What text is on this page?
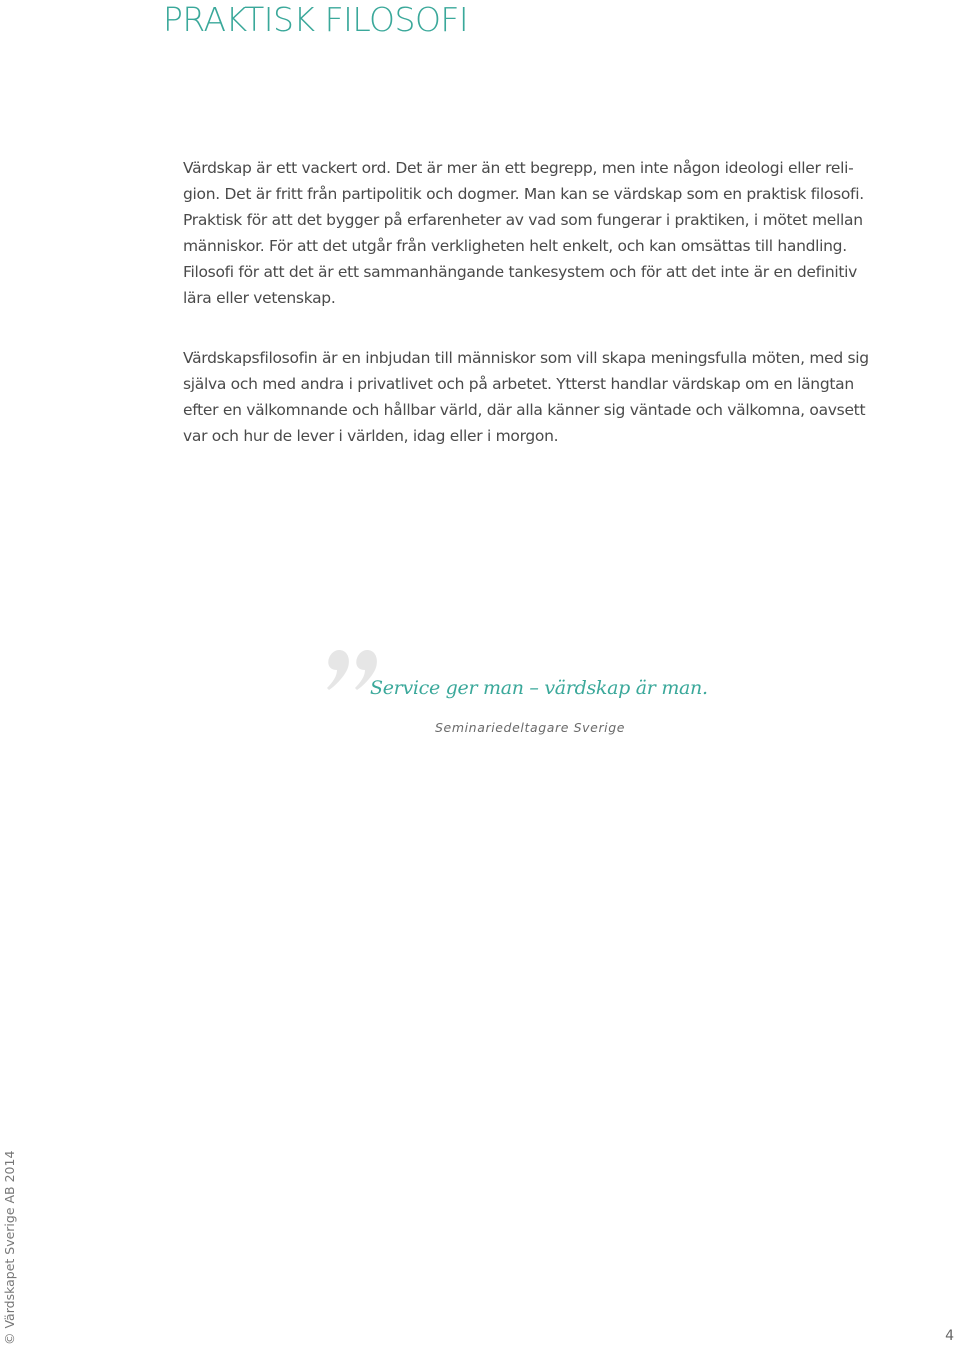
PRAKTISK FILOSOFI
Värdskap är ett vackert ord. Det är mer än ett begrepp, men inte någon ideologi eller reli-
gion. Det är fritt från partipolitik och dogmer. Man kan se värdskap som en praktisk filosofi.
Praktisk för att det bygger på erfarenheter av vad som fungerar i praktiken, i mötet mellan
människor. För att det utgår från verkligheten helt enkelt, och kan omsättas till handling.
Filosofi för att det är ett sammanhängande tankesystem och för att det inte är en definitiv
lära eller vetenskap.
Värdskapsfilosofin är en inbjudan till människor som vill skapa meningsfulla möten, med sig
själva och med andra i privatlivet och på arbetet. Ytterst handlar värdskap om en längtan
efter en välkomnande och hållbar värld, där alla känner sig väntade och välkomna, oavsett
var och hur de lever i världen, idag eller i morgon.
Service ger man – värdskap är man.
Seminariedeltagare Sverige
© Värdskapet Sverige AB 2014	4
